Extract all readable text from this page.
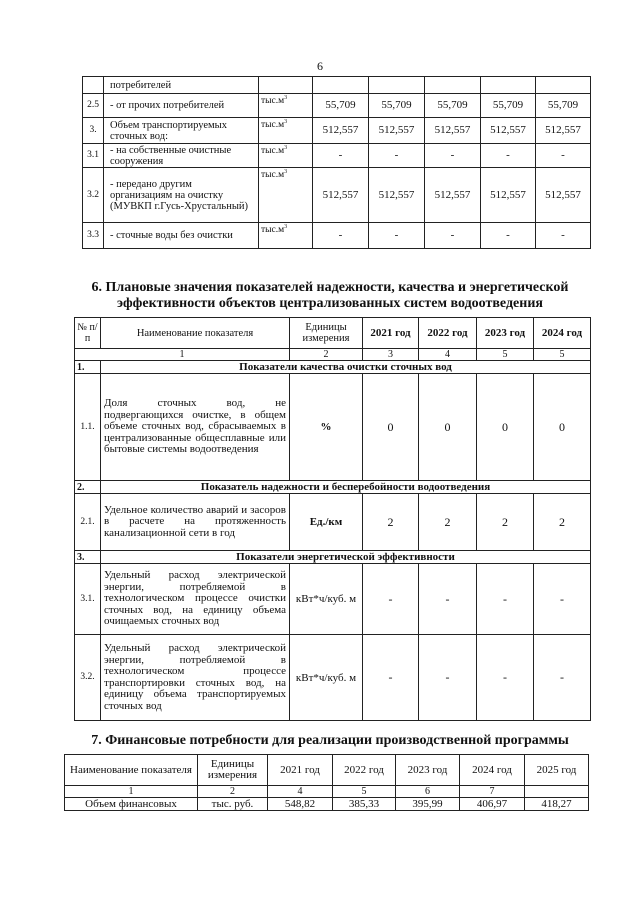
6
	потребителей						
2.5	- от прочих потребителей	$тыс.м^3$	55,709	55,709	55,709	55,709	55,709
3.	Объем транспортируемых сточных вод:	$тыс.м^3$	512,557	512,557	512,557	512,557	512,557
3.1	- на собственные очистные сооружения	$тыс.м^3$	-	-	-	-	-
3.2	- передано другим организациям на очистку (МУВКП г.Гусь-Хрустальный)	$тыс.м^3$	512,557	512,557	512,557	512,557	512,557
3.3	- сточные воды без очистки	$тыс.м^3$	-	-	-	-	-
6. Плановые значения показателей надежности, качества и энергетической
эффективности объектов централизованных систем водоотведения
№ п/п	Наименование показателя	Единицы измерения	2021 год	2022 год	2023 год	2024 год
1		2	3	4	5	5
1.	Показатели качества очистки сточных вод					
1.1.	Доля сточных вод, не подвергающихся очистке, в общем объеме сточных вод, сбрасываемых в централизованные общесплавные или бытовые системы водоотведения	%	0	0	0	0
2.	Показатель надежности и бесперебойности водоотведения					
2.1.	Удельное количество аварий и засоров в расчете на протяженность канализационной сети в год	Ед./км	2	2	2	2
3.	Показатели энергетической эффективности					
3.1.	Удельный расход электрической энергии, потребляемой в технологическом процессе очистки сточных вод, на единицу объема очищаемых сточных вод	кВт*ч/куб. м	-	-	-	-
3.2.	Удельный расход электрической энергии, потребляемой в технологическом процессе транспортировки сточных вод, на единицу объема транспортируемых сточных вод	кВт*ч/куб. м	-	-	-	-
7. Финансовые потребности для реализации производственной программы
Наименование показателя	Единицы измерения	2021 год	2022 год	2023 год	2024 год	2025 год
1	2	4	5	6	7	
Объем финансовых	тыс. руб.	548,82	385,33	395,99	406,97	418,27
